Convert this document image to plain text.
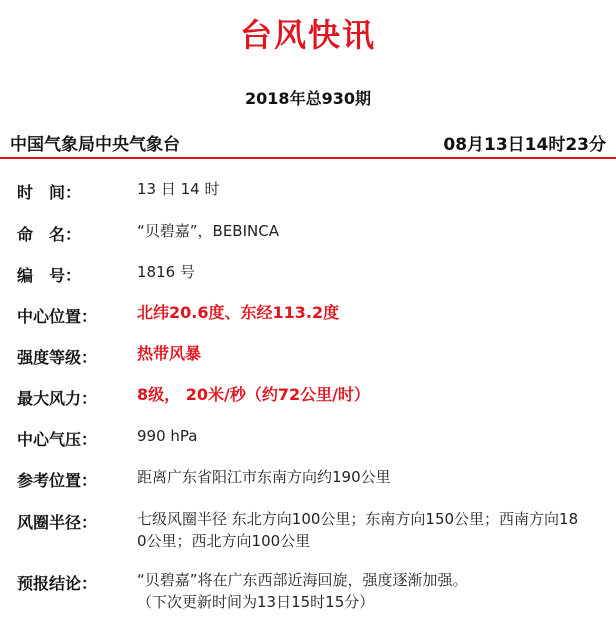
台风快讯
2018年总930期
中国气象局中央气象台	08月13日14时23分
时　间：	13 日 14 时
命　名：	“贝碧嘉”，BEBINCA
编　号：	1816 号
中心位置：	北纬20.6度、东经113.2度
强度等级：	热带风暴
最大风力：	8级， 20米/秒（约72公里/时）
中心气压：	990 hPa
参考位置：	距离广东省阳江市东南方向约190公里
风圈半径：	七级风圈半径 东北方向100公里；东南方向150公里；西南方向18
0公里；西北方向100公里
预报结论：	“贝碧嘉”将在广东西部近海回旋，强度逐渐加强。
（下次更新时间为13日15时15分）
